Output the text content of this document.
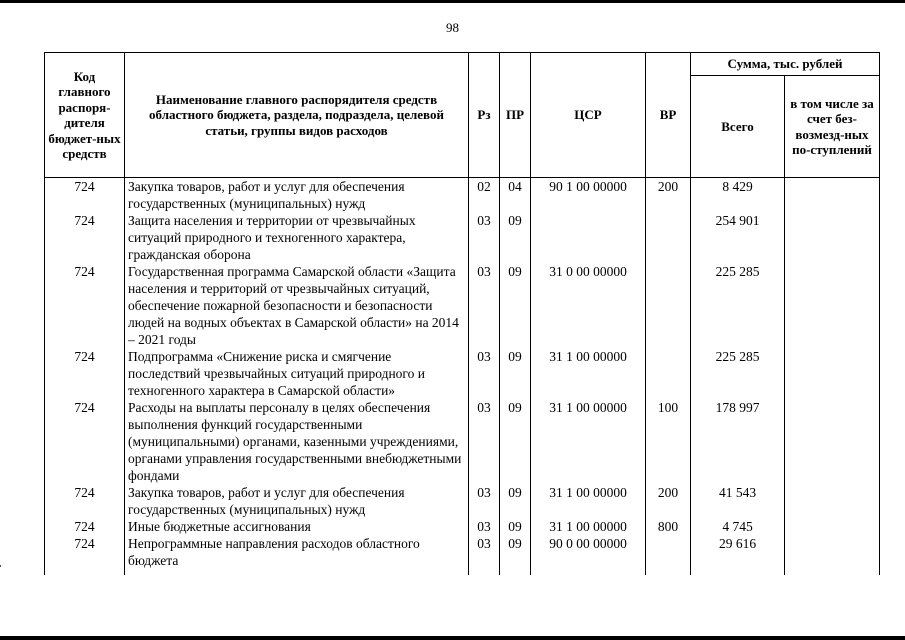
98
Код главного распоря-дителя бюджет-ных средств	Наименование главного распорядителя средств областного бюджета, раздела, подраздела, целевой статьи, группы видов расходов	Рз	ПР	ЦСР	ВР	Сумма, тыс. рублей	
						Всего	в том числе за счет без-возмезд-ных по-ступлений
724	Закупка товаров, работ и услуг для обеспечения государственных (муниципальных) нужд	02	04	90 1 00 00000	200	8 429	
724	Защита населения и территории от чрезвычайных ситуаций природного и техногенного характера, гражданская оборона	03	09			254 901	
724	Государственная программа Самарской области «Защита населения и территорий от чрезвычайных ситуаций, обеспечение пожарной безопасности и безопасности людей на водных объектах в Самарской области» на 2014 – 2021 годы	03	09	31 0 00 00000		225 285	
724	Подпрограмма «Снижение риска и смягчение последствий чрезвычайных ситуаций природного и техногенного характера в Самарской области»	03	09	31 1 00 00000		225 285	
724	Расходы на выплаты персоналу в целях обеспечения выполнения функций государственными (муниципальными) органами, казенными учреждениями, органами управления государственными внебюджетными фондами	03	09	31 1 00 00000	100	178 997	
724	Закупка товаров, работ и услуг для обеспечения государственных (муниципальных) нужд	03	09	31 1 00 00000	200	41 543	
724	Иные бюджетные ассигнования	03	09	31 1 00 00000	800	4 745	
724	Непрограммные направления расходов областного бюджета	03	09	90 0 00 00000		29 616	
